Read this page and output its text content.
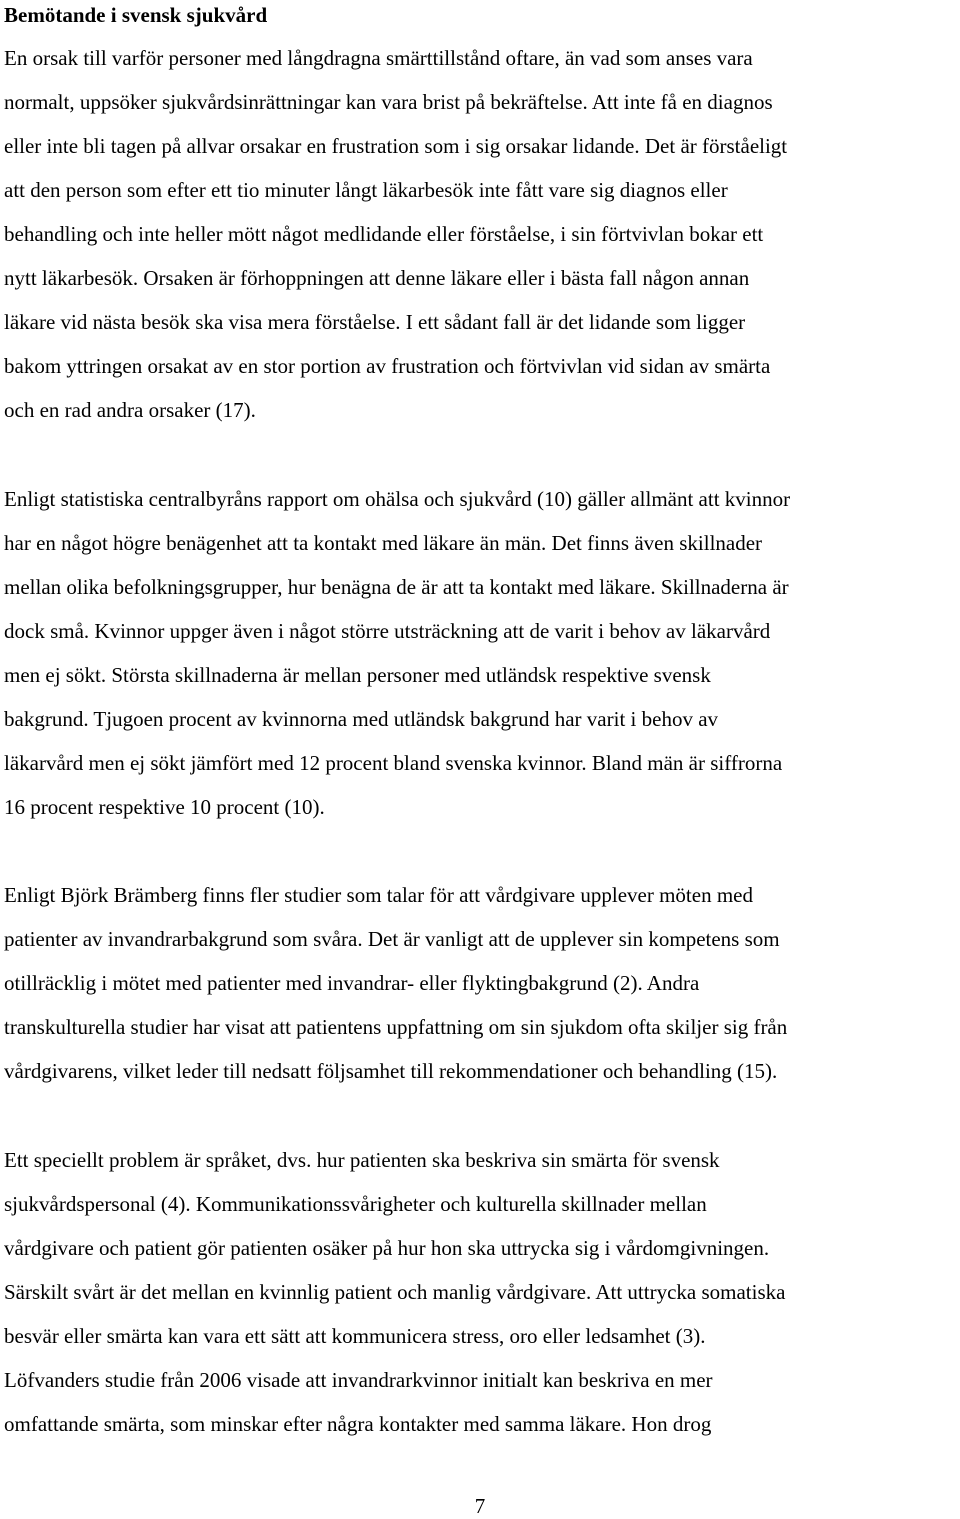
Bemötande i svensk sjukvård

En orsak till varför personer med långdragna smärttillstånd oftare, än vad som anses vara

normalt, uppsöker sjukvårdsinrättningar kan vara brist på bekräftelse. Att inte få en diagnos

eller inte bli tagen på allvar orsakar en frustration som i sig orsakar lidande. Det är förståeligt

att den person som efter ett tio minuter långt läkarbesök inte fått vare sig diagnos eller

behandling och inte heller mött något medlidande eller förståelse, i sin förtvivlan bokar ett

nytt läkarbesök. Orsaken är förhoppningen att denne läkare eller i bästa fall någon annan

läkare vid nästa besök ska visa mera förståelse. I ett sådant fall är det lidande som ligger

bakom yttringen orsakat av en stor portion av frustration och förtvivlan vid sidan av smärta

och en rad andra orsaker (17).

Enligt statistiska centralbyråns rapport om ohälsa och sjukvård (10) gäller allmänt att kvinnor

har en något högre benägenhet att ta kontakt med läkare än män. Det finns även skillnader

mellan olika befolkningsgrupper, hur benägna de är att ta kontakt med läkare. Skillnaderna är

dock små. Kvinnor uppger även i något större utsträckning att de varit i behov av läkarvård

men ej sökt. Största skillnaderna är mellan personer med utländsk respektive svensk

bakgrund. Tjugoen procent av kvinnorna med utländsk bakgrund har varit i behov av

läkarvård men ej sökt jämfört med 12 procent bland svenska kvinnor. Bland män är siffrorna

16 procent respektive 10 procent (10).

Enligt Björk Brämberg finns fler studier som talar för att vårdgivare upplever möten med

patienter av invandrarbakgrund som svåra. Det är vanligt att de upplever sin kompetens som

otillräcklig i mötet med patienter med invandrar- eller flyktingbakgrund (2). Andra

transkulturella studier har visat att patientens uppfattning om sin sjukdom ofta skiljer sig från

vårdgivarens, vilket leder till nedsatt följsamhet till rekommendationer och behandling (15).

Ett speciellt problem är språket, dvs. hur patienten ska beskriva sin smärta för svensk

sjukvårdspersonal (4). Kommunikationssvårigheter och kulturella skillnader mellan

vårdgivare och patient gör patienten osäker på hur hon ska uttrycka sig i vårdomgivningen.

Särskilt svårt är det mellan en kvinnlig patient och manlig vårdgivare. Att uttrycka somatiska

besvär eller smärta kan vara ett sätt att kommunicera stress, oro eller ledsamhet (3).

Löfvanders studie från 2006 visade att invandrarkvinnor initialt kan beskriva en mer

omfattande smärta, som minskar efter några kontakter med samma läkare. Hon drog

7
